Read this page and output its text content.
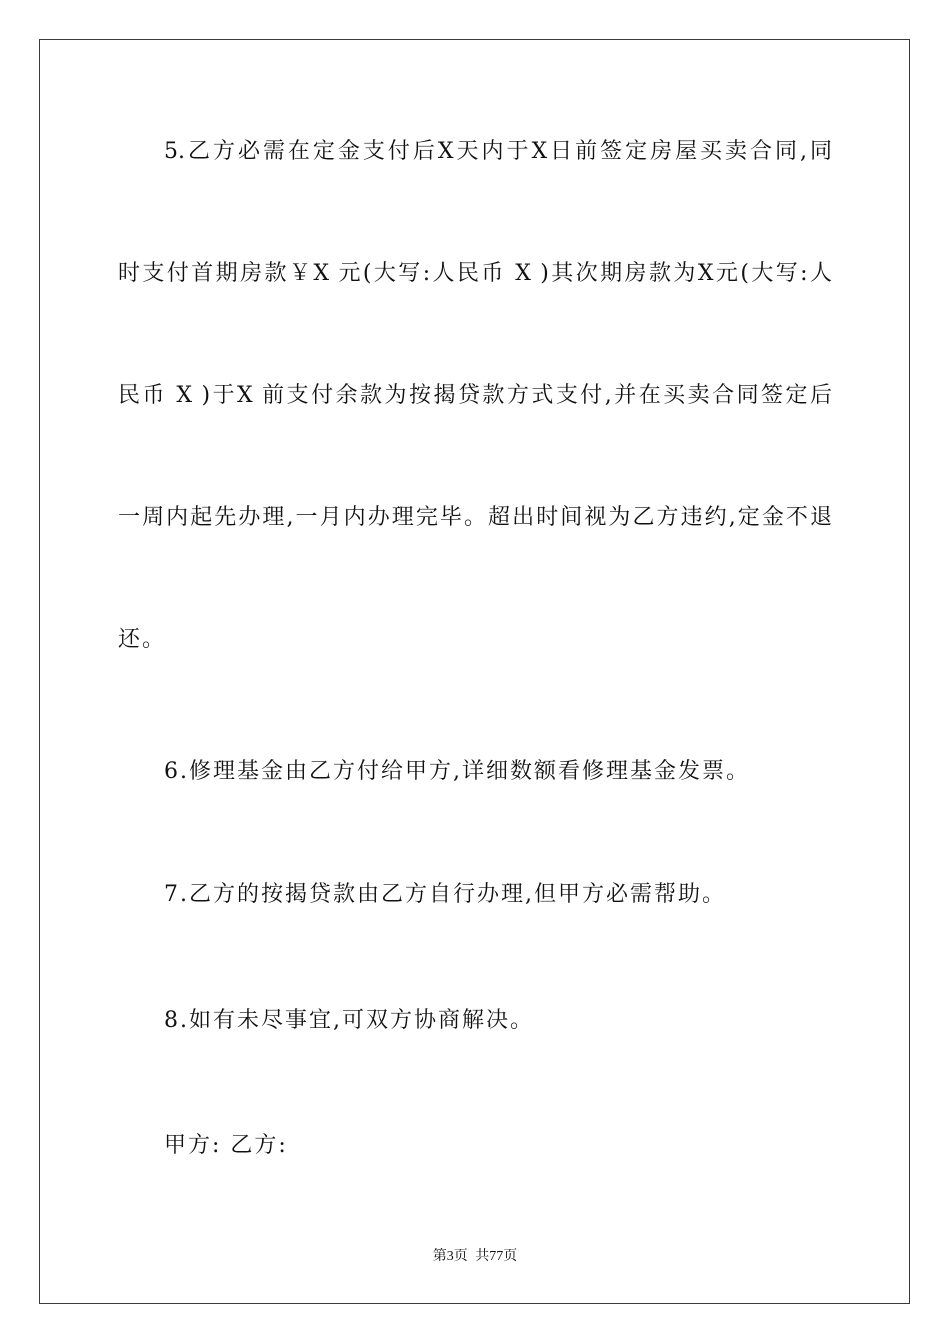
5.乙方必需在定金支付后X天内于X日前签定房屋买卖合同,同
时支付首期房款￥X 元(大写:人民币 X )其次期房款为X元(大写:人
民币 X )于X 前支付余款为按揭贷款方式支付,并在买卖合同签定后
一周内起先办理,一月内办理完毕。超出时间视为乙方违约,定金不退
还。
6.修理基金由乙方付给甲方,详细数额看修理基金发票。
7.乙方的按揭贷款由乙方自行办理,但甲方必需帮助。
8.如有未尽事宜,可双方协商解决。
甲方: 乙方:
第3页 共77页
